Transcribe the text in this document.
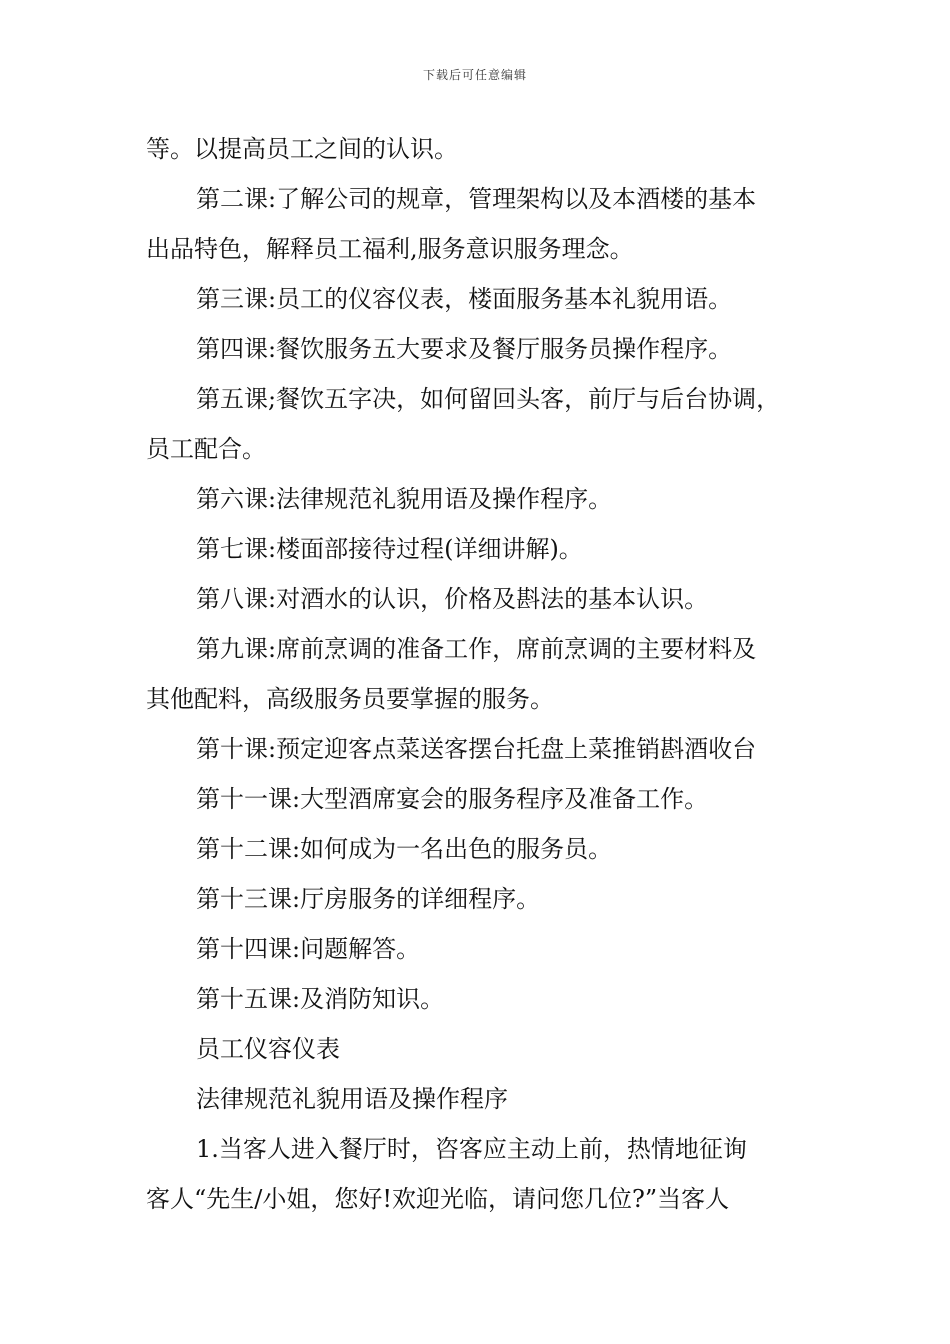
下载后可任意编辑
等。以提高员工之间的认识。
第二课:了解公司的规章，管理架构以及本酒楼的基本
出品特色，解释员工福利,服务意识服务理念。
第三课:员工的仪容仪表，楼面服务基本礼貌用语。
第四课:餐饮服务五大要求及餐厅服务员操作程序。
第五课;餐饮五字决，如何留回头客，前厅与后台协调，
员工配合。
第六课:法律规范礼貌用语及操作程序。
第七课:楼面部接待过程(详细讲解)。
第八课:对酒水的认识，价格及斟法的基本认识。
第九课:席前烹调的准备工作，席前烹调的主要材料及
其他配料，高级服务员要掌握的服务。
第十课:预定迎客点菜送客摆台托盘上菜推销斟酒收台
第十一课:大型酒席宴会的服务程序及准备工作。
第十二课:如何成为一名出色的服务员。
第十三课:厅房服务的详细程序。
第十四课:问题解答。
第十五课:及消防知识。
员工仪容仪表
法律规范礼貌用语及操作程序
1.当客人进入餐厅时，咨客应主动上前，热情地征询
客人“先生/小姐，您好!欢迎光临，请问您几位?”当客人
